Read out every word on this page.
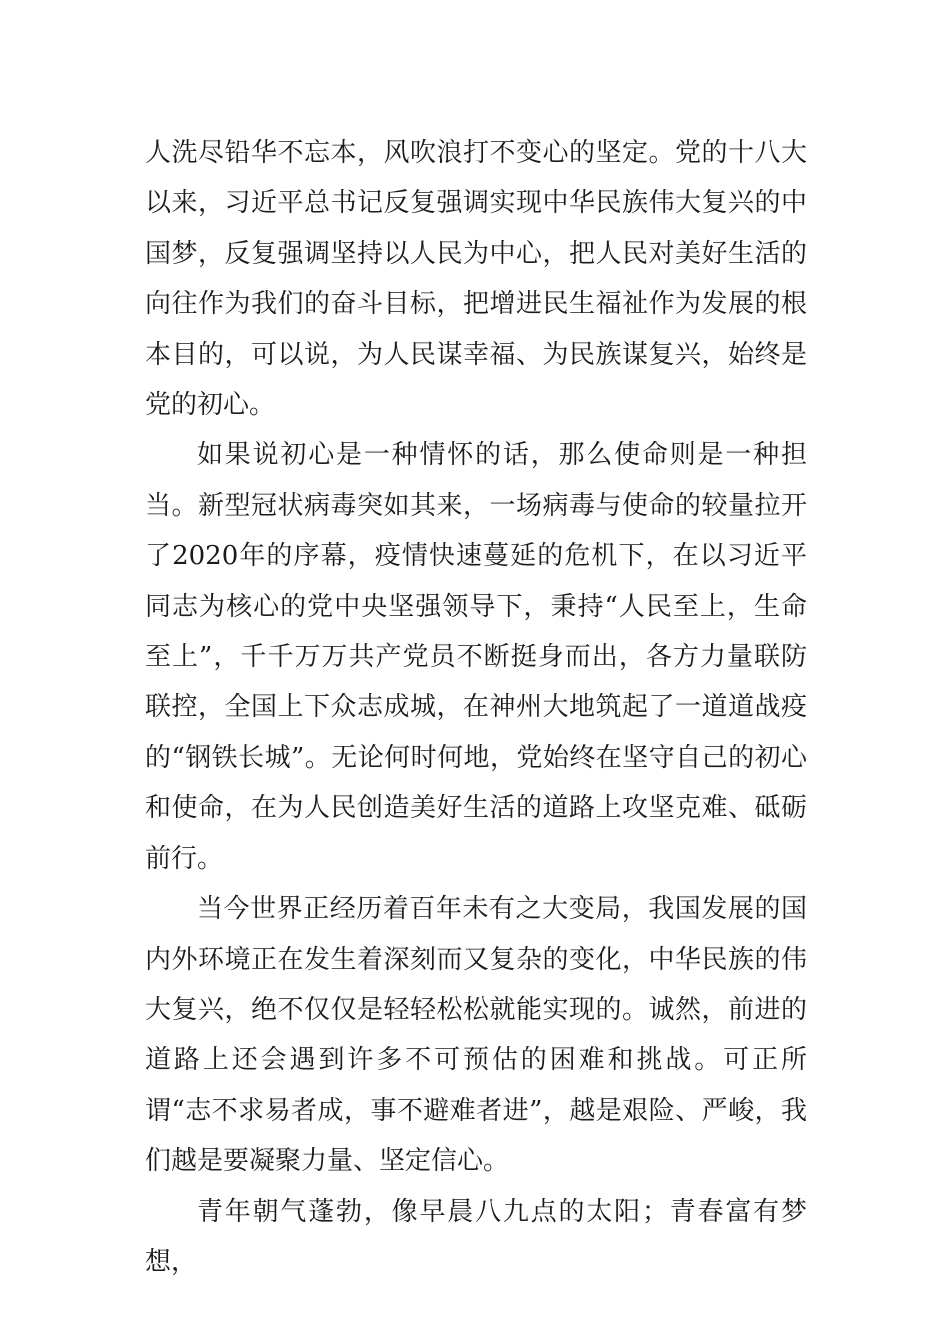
人洗尽铅华不忘本，风吹浪打不变心的坚定。党的十八大以来，习近平总书记反复强调实现中华民族伟大复兴的中国梦，反复强调坚持以人民为中心，把人民对美好生活的向往作为我们的奋斗目标，把增进民生福祉作为发展的根本目的，可以说，为人民谋幸福、为民族谋复兴，始终是党的初心。

如果说初心是一种情怀的话，那么使命则是一种担当。新型冠状病毒突如其来，一场病毒与使命的较量拉开了2020年的序幕，疫情快速蔓延的危机下，在以习近平同志为核心的党中央坚强领导下，秉持“人民至上，生命至上”，千千万万共产党员不断挺身而出，各方力量联防联控，全国上下众志成城，在神州大地筑起了一道道战疫的“钢铁长城”。无论何时何地，党始终在坚守自己的初心和使命，在为人民创造美好生活的道路上攻坚克难、砥砺前行。

当今世界正经历着百年未有之大变局，我国发展的国内外环境正在发生着深刻而又复杂的变化，中华民族的伟大复兴，绝不仅仅是轻轻松松就能实现的。诚然，前进的道路上还会遇到许多不可预估的困难和挑战。可正所谓“志不求易者成，事不避难者进”，越是艰险、严峻，我们越是要凝聚力量、坚定信心。

青年朝气蓬勃，像早晨八九点的太阳；青春富有梦想，
